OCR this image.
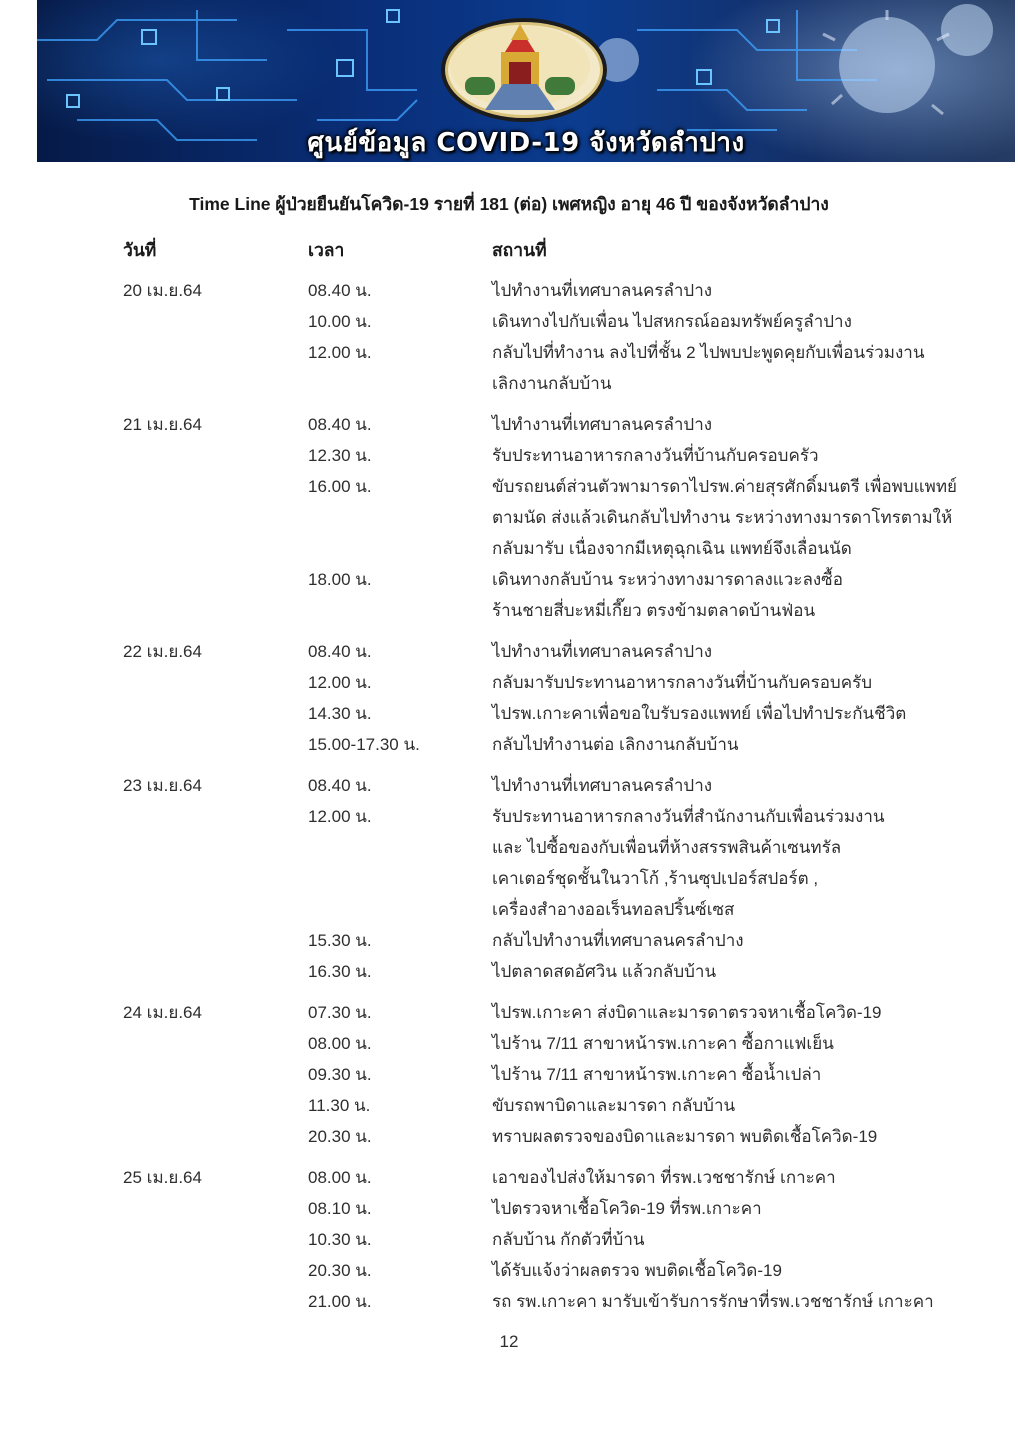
ศูนย์ข้อมูล COVID-19 จังหวัดลำปาง
Time Line ผู้ป่วยยืนยันโควิด-19 รายที่ 181 (ต่อ) เพศหญิง อายุ 46 ปี ของจังหวัดลำปาง
วันที่	เวลา	สถานที่
20 เม.ย.64	08.40 น.	ไปทำงานที่เทศบาลนครลำปาง
10.00 น.	เดินทางไปกับเพื่อน ไปสหกรณ์ออมทรัพย์ครูลำปาง
12.00 น.	กลับไปที่ทำงาน ลงไปที่ชั้น 2 ไปพบปะพูดคุยกับเพื่อนร่วมงาน
เลิกงานกลับบ้าน
21 เม.ย.64	08.40 น.	ไปทำงานที่เทศบาลนครลำปาง
12.30 น.	รับประทานอาหารกลางวันที่บ้านกับครอบครัว
16.00 น.	ขับรถยนต์ส่วนตัวพามารดาไปรพ.ค่ายสุรศักดิ์มนตรี เพื่อพบแพทย์
ตามนัด ส่งแล้วเดินกลับไปทำงาน ระหว่างทางมารดาโทรตามให้
กลับมารับ เนื่องจากมีเหตุฉุกเฉิน แพทย์จึงเลื่อนนัด
18.00 น.	เดินทางกลับบ้าน ระหว่างทางมารดาลงแวะลงซื้อ
ร้านชายสี่บะหมี่เกี๊ยว ตรงข้ามตลาดบ้านฟ่อน
22 เม.ย.64	08.40 น.	ไปทำงานที่เทศบาลนครลำปาง
12.00 น.	กลับมารับประทานอาหารกลางวันที่บ้านกับครอบครับ
14.30 น.	ไปรพ.เกาะคาเพื่อขอใบรับรองแพทย์ เพื่อไปทำประกันชีวิต
15.00-17.30 น.	กลับไปทำงานต่อ เลิกงานกลับบ้าน
23 เม.ย.64	08.40 น.	ไปทำงานที่เทศบาลนครลำปาง
12.00 น.	รับประทานอาหารกลางวันที่สำนักงานกับเพื่อนร่วมงาน
และ ไปซื้อของกับเพื่อนที่ห้างสรรพสินค้าเซนทรัล
เคาเตอร์ชุดชั้นในวาโก้ ,ร้านซุปเปอร์สปอร์ต ,
เครื่องสำอางออเร็นทอลปริ้นซ์เซส
15.30 น.	กลับไปทำงานที่เทศบาลนครลำปาง
16.30 น.	ไปตลาดสดอัศวิน แล้วกลับบ้าน
24 เม.ย.64	07.30 น.	ไปรพ.เกาะคา ส่งบิดาและมารดาตรวจหาเชื้อโควิด-19
08.00 น.	ไปร้าน 7/11 สาขาหน้ารพ.เกาะคา ซื้อกาแฟเย็น
09.30 น.	ไปร้าน 7/11 สาขาหน้ารพ.เกาะคา ซื้อน้ำเปล่า
11.30 น.	ขับรถพาบิดาและมารดา กลับบ้าน
20.30 น.	ทราบผลตรวจของบิดาและมารดา พบติดเชื้อโควิด-19
25 เม.ย.64	08.00 น.	เอาของไปส่งให้มารดา ที่รพ.เวชชารักษ์ เกาะคา
08.10 น.	ไปตรวจหาเชื้อโควิด-19 ที่รพ.เกาะคา
10.30 น.	กลับบ้าน กักตัวที่บ้าน
20.30 น.	ได้รับแจ้งว่าผลตรวจ พบติดเชื้อโควิด-19
21.00 น.	รถ รพ.เกาะคา มารับเข้ารับการรักษาที่รพ.เวชชารักษ์ เกาะคา
12
